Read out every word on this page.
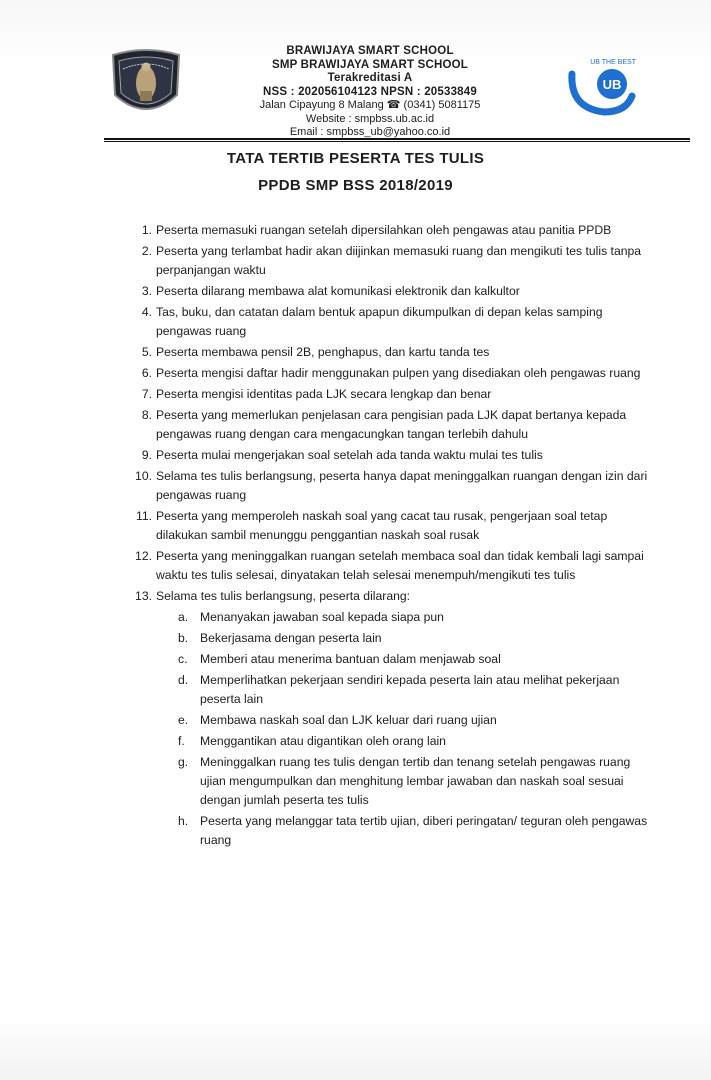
BRAWIJAYA SMART SCHOOL
SMP BRAWIJAYA SMART SCHOOL
Terakreditasi A
NSS : 202056104123 NPSN : 20533849
Jalan Cipayung 8 Malang ☎ (0341) 5081175
Website : smpbss.ub.ac.id
Email : smpbss_ub@yahoo.co.id
UB
UB THE BEST
TATA TERTIB PESERTA TES TULIS
PPDB SMP BSS 2018/2019
1. Peserta memasuki ruangan setelah dipersilahkan oleh pengawas atau panitia PPDB
2. Peserta yang terlambat hadir akan diijinkan memasuki ruang dan mengikuti tes tulis tanpa perpanjangan waktu
3. Peserta dilarang membawa alat komunikasi elektronik dan kalkultor
4. Tas, buku, dan catatan dalam bentuk apapun dikumpulkan di depan kelas samping pengawas ruang
5. Peserta membawa pensil 2B, penghapus, dan kartu tanda tes
6. Peserta mengisi daftar hadir menggunakan pulpen yang disediakan oleh pengawas ruang
7. Peserta mengisi identitas pada LJK secara lengkap dan benar
8. Peserta yang memerlukan penjelasan cara pengisian pada LJK dapat bertanya kepada pengawas ruang dengan cara mengacungkan tangan terlebih dahulu
9. Peserta mulai mengerjakan soal setelah ada tanda waktu mulai tes tulis
10. Selama tes tulis berlangsung, peserta hanya dapat meninggalkan ruangan dengan izin dari pengawas ruang
11. Peserta yang memperoleh naskah soal yang cacat tau rusak, pengerjaan soal tetap dilakukan sambil menunggu penggantian naskah soal rusak
12. Peserta yang meninggalkan ruangan setelah membaca soal dan tidak kembali lagi sampai waktu tes tulis selesai, dinyatakan telah selesai menempuh/mengikuti tes tulis
13. Selama tes tulis berlangsung, peserta dilarang:
a. Menanyakan jawaban soal kepada siapa pun
b. Bekerjasama dengan peserta lain
c. Memberi atau menerima bantuan dalam menjawab soal
d. Memperlihatkan pekerjaan sendiri kepada peserta lain atau melihat pekerjaan peserta lain
e. Membawa naskah soal dan LJK keluar dari ruang ujian
f. Menggantikan atau digantikan oleh orang lain
g. Meninggalkan ruang tes tulis dengan tertib dan tenang setelah pengawas ruang ujian mengumpulkan dan menghitung lembar jawaban dan naskah soal sesuai dengan jumlah peserta tes tulis
h. Peserta yang melanggar tata tertib ujian, diberi peringatan/ teguran oleh pengawas ruang
